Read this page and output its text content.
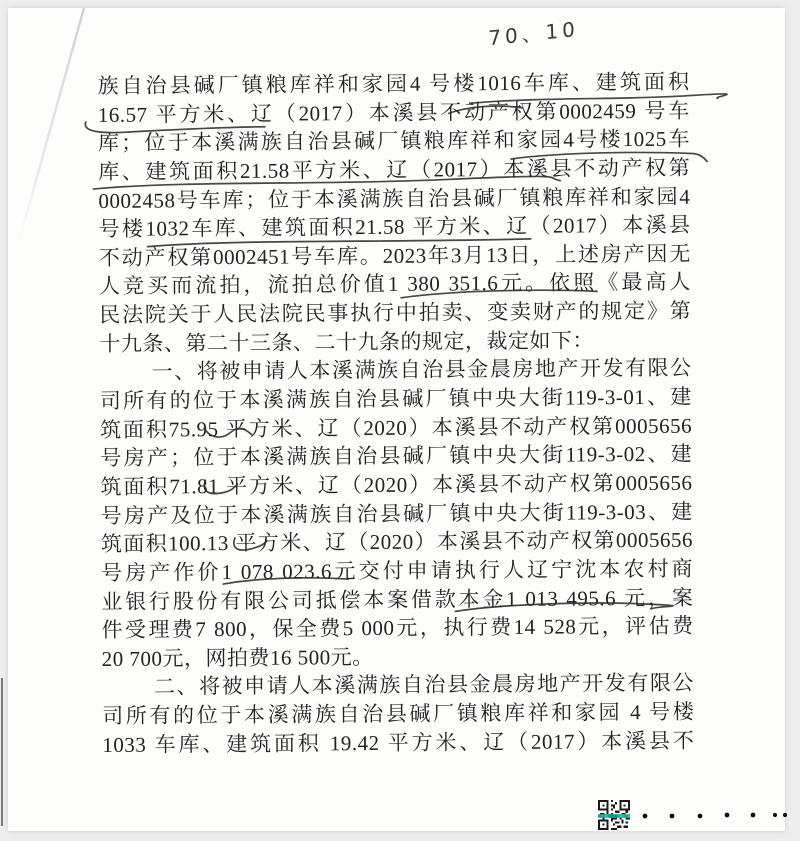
70、10
族自治县碱厂镇粮库祥和家园4 号楼1016车库、建筑面积
16.57 平方米、辽（2017）本溪县不动产权第0002459 号车
库；位于本溪满族自治县碱厂镇粮库祥和家园4号楼1025车
库、建筑面积21.58平方米、辽（2017）本溪县不动产权第
0002458号车库；位于本溪满族自治县碱厂镇粮库祥和家园4
号楼1032车库、建筑面积21.58 平方米、辽（2017）本溪县
不动产权第0002451号车库。2023年3月13日，上述房产因无
人竞买而流拍，流拍总价值1 380 351.6元。依照《最高人
民法院关于人民法院民事执行中拍卖、变卖财产的规定》第
十九条、第二十三条、二十九条的规定，裁定如下：
一、将被申请人本溪满族自治县金晨房地产开发有限公
司所有的位于本溪满族自治县碱厂镇中央大街119-3-01、建
筑面积75.95 平方米、辽（2020）本溪县不动产权第0005656
号房产；位于本溪满族自治县碱厂镇中央大街119-3-02、建
筑面积71.81 平方米、辽（2020）本溪县不动产权第0005656
号房产及位于本溪满族自治县碱厂镇中央大街119-3-03、建
筑面积100.13 平方米、辽（2020）本溪县不动产权第0005656
号房产作价1 078 023.6元交付申请执行人辽宁沈本农村商
业银行股份有限公司抵偿本案借款本金1 013 495.6 元，案
件受理费7 800，保全费5 000元，执行费14 528元，评估费
20 700元，网拍费16 500元。
二、将被申请人本溪满族自治县金晨房地产开发有限公
司所有的位于本溪满族自治县碱厂镇粮库祥和家园 4 号楼
1033 车库、建筑面积 19.42 平方米、辽（2017）本溪县不
